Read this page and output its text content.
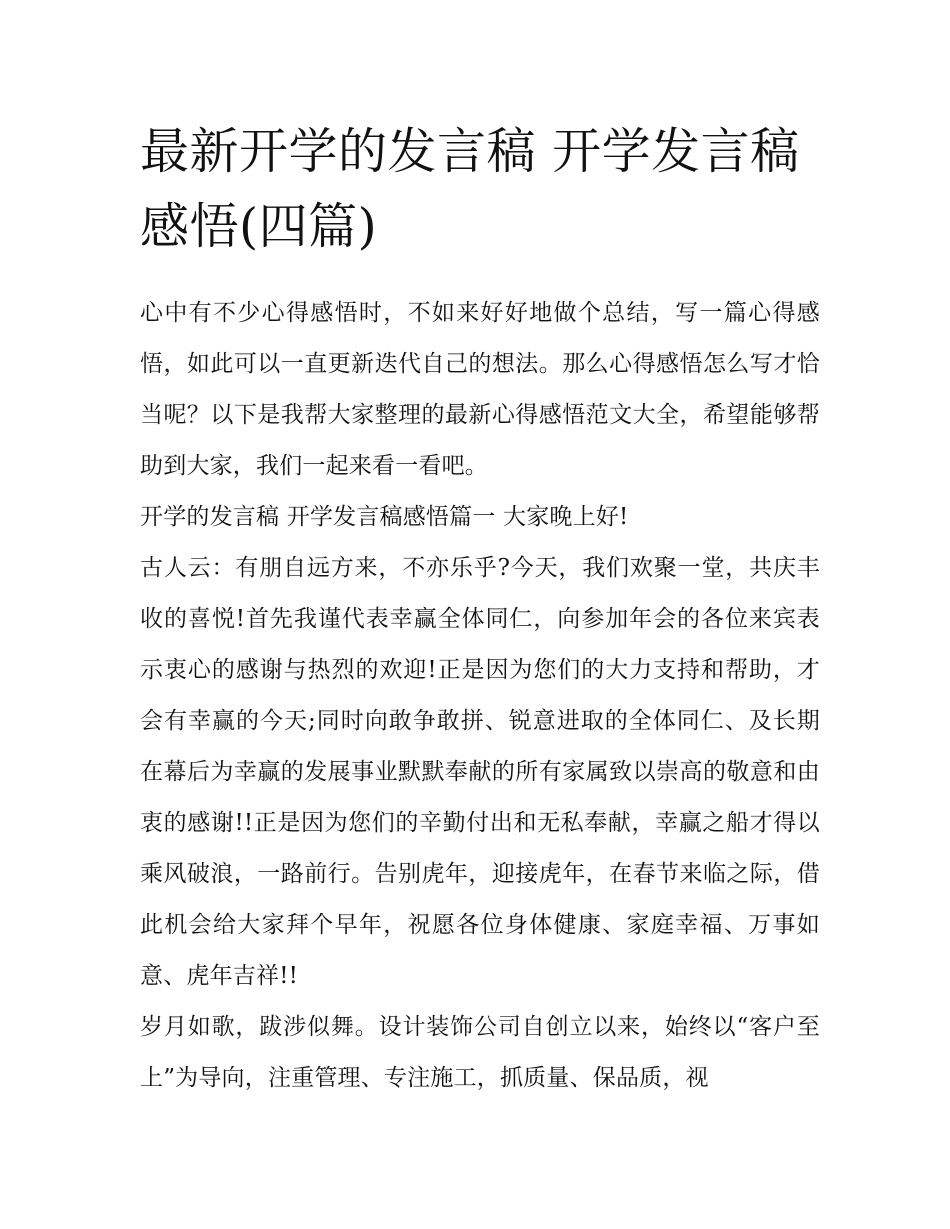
最新开学的发言稿 开学发言稿感悟(四篇)

心中有不少心得感悟时，不如来好好地做个总结，写一篇心得感悟，如此可以一直更新迭代自己的想法。那么心得感悟怎么写才恰当呢？以下是我帮大家整理的最新心得感悟范文大全，希望能够帮助到大家，我们一起来看一看吧。

开学的发言稿 开学发言稿感悟篇一 大家晚上好!

古人云：有朋自远方来，不亦乐乎?今天，我们欢聚一堂，共庆丰收的喜悦!首先我谨代表幸赢全体同仁，向参加年会的各位来宾表示衷心的感谢与热烈的欢迎!正是因为您们的大力支持和帮助，才会有幸赢的今天;同时向敢争敢拼、锐意进取的全体同仁、及长期在幕后为幸赢的发展事业默默奉献的所有家属致以崇高的敬意和由衷的感谢!!正是因为您们的辛勤付出和无私奉献，幸赢之船才得以乘风破浪，一路前行。告别虎年，迎接虎年，在春节来临之际，借此机会给大家拜个早年，祝愿各位身体健康、家庭幸福、万事如意、虎年吉祥!!

岁月如歌，跋涉似舞。设计装饰公司自创立以来，始终以“客户至上”为导向，注重管理、专注施工，抓质量、保品质，视
